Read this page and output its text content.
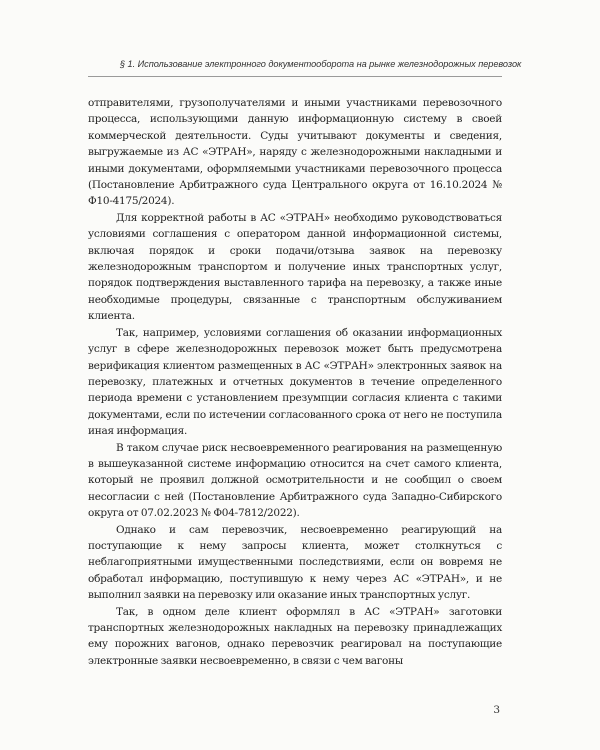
§ 1. Использование электронного документооборота на рынке железнодорожных перевозок

отправителями, грузополучателями и иными участниками перевозочного процесса, использующими данную информационную систему в своей коммерческой деятельности. Суды учитывают документы и сведения, выгружаемые из АС «ЭТРАН», наряду с железнодорожными накладными и иными документами, оформляемыми участниками перевозочного процесса (Постановление Арбитражного суда Центрального округа от 16.10.2024 № Ф10-4175/2024).

Для корректной работы в АС «ЭТРАН» необходимо руководствоваться условиями соглашения с оператором данной информационной системы, включая порядок и сроки подачи/отзыва заявок на перевозку железнодорожным транспортом и получение иных транспортных услуг, порядок подтверждения выставленного тарифа на перевозку, а также иные необходимые процедуры, связанные с транспортным обслуживанием клиента.

Так, например, условиями соглашения об оказании информационных услуг в сфере железнодорожных перевозок может быть предусмотрена верификация клиентом размещенных в АС «ЭТРАН» электронных заявок на перевозку, платежных и отчетных документов в течение определенного периода времени с установлением презумпции согласия клиента с такими документами, если по истечении согласованного срока от него не поступила иная информация.

В таком случае риск несвоевременного реагирования на размещенную в вышеуказанной системе информацию относится на счет самого клиента, который не проявил должной осмотрительности и не сообщил о своем несогласии с ней (Постановление Арбитражного суда Западно-Сибирского округа от 07.02.2023 № Ф04-7812/2022).

Однако и сам перевозчик, несвоевременно реагирующий на поступающие к нему запросы клиента, может столкнуться с неблагоприятными имущественными последствиями, если он вовремя не обработал информацию, поступившую к нему через АС «ЭТРАН», и не выполнил заявки на перевозку или оказание иных транспортных услуг.

Так, в одном деле клиент оформлял в АС «ЭТРАН» заготовки транспортных железнодорожных накладных на перевозку принадлежащих ему порожних вагонов, однако перевозчик реагировал на поступающие электронные заявки несвоевременно, в связи с чем вагоны

3
